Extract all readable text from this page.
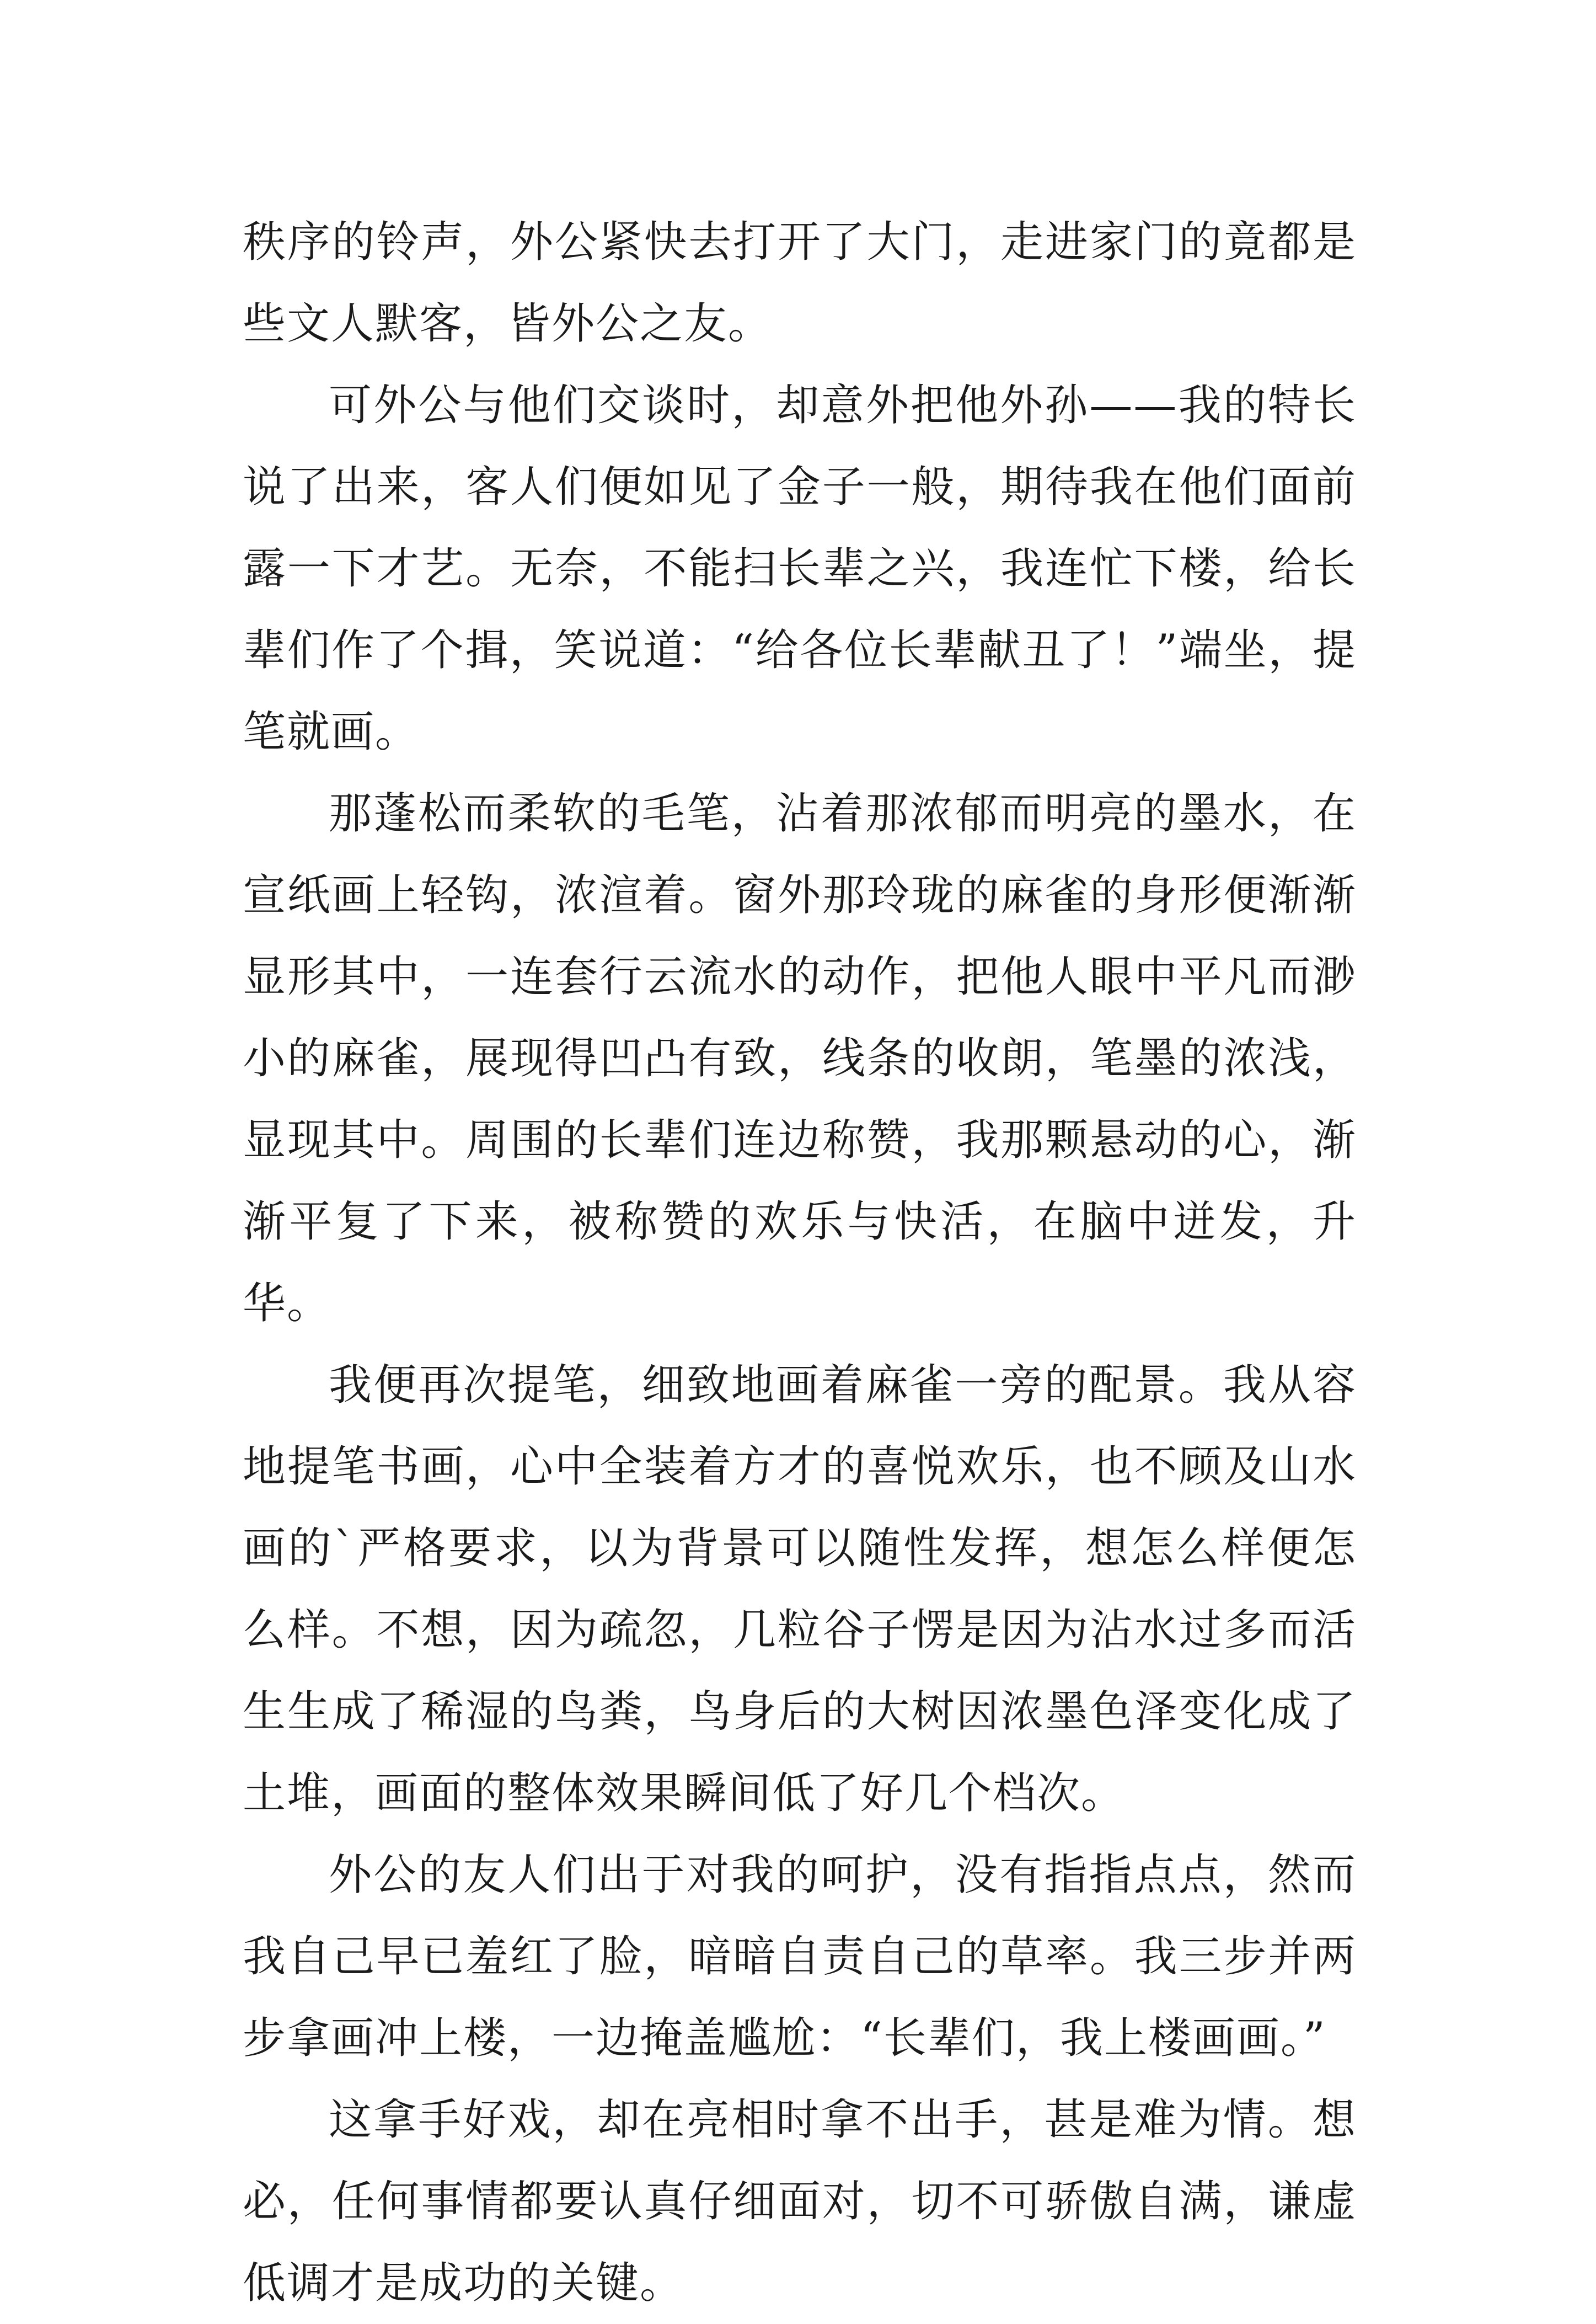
秩序的铃声，外公紧快去打开了大门，走进家门的竟都是些文人默客，皆外公之友。

可外公与他们交谈时，却意外把他外孙——我的特长说了出来，客人们便如见了金子一般，期待我在他们面前露一下才艺。无奈，不能扫长辈之兴，我连忙下楼，给长辈们作了个揖，笑说道：“给各位长辈献丑了！”端坐，提笔就画。

那蓬松而柔软的毛笔，沾着那浓郁而明亮的墨水，在宣纸画上轻钩，浓渲着。窗外那玲珑的麻雀的身形便渐渐显形其中，一连套行云流水的动作，把他人眼中平凡而渺小的麻雀，展现得凹凸有致，线条的收朗，笔墨的浓浅，显现其中。周围的长辈们连边称赞，我那颗悬动的心，渐渐平复了下来，被称赞的欢乐与快活，在脑中迸发，升华。

我便再次提笔，细致地画着麻雀一旁的配景。我从容地提笔书画，心中全装着方才的喜悦欢乐，也不顾及山水画的`严格要求，以为背景可以随性发挥，想怎么样便怎么样。不想，因为疏忽，几粒谷子愣是因为沾水过多而活生生成了稀湿的鸟粪，鸟身后的大树因浓墨色泽变化成了土堆，画面的整体效果瞬间低了好几个档次。

外公的友人们出于对我的呵护，没有指指点点，然而我自己早已羞红了脸，暗暗自责自己的草率。我三步并两步拿画冲上楼，一边掩盖尴尬：“长辈们，我上楼画画。”

这拿手好戏，却在亮相时拿不出手，甚是难为情。想必，任何事情都要认真仔细面对，切不可骄傲自满，谦虚低调才是成功的关键。
